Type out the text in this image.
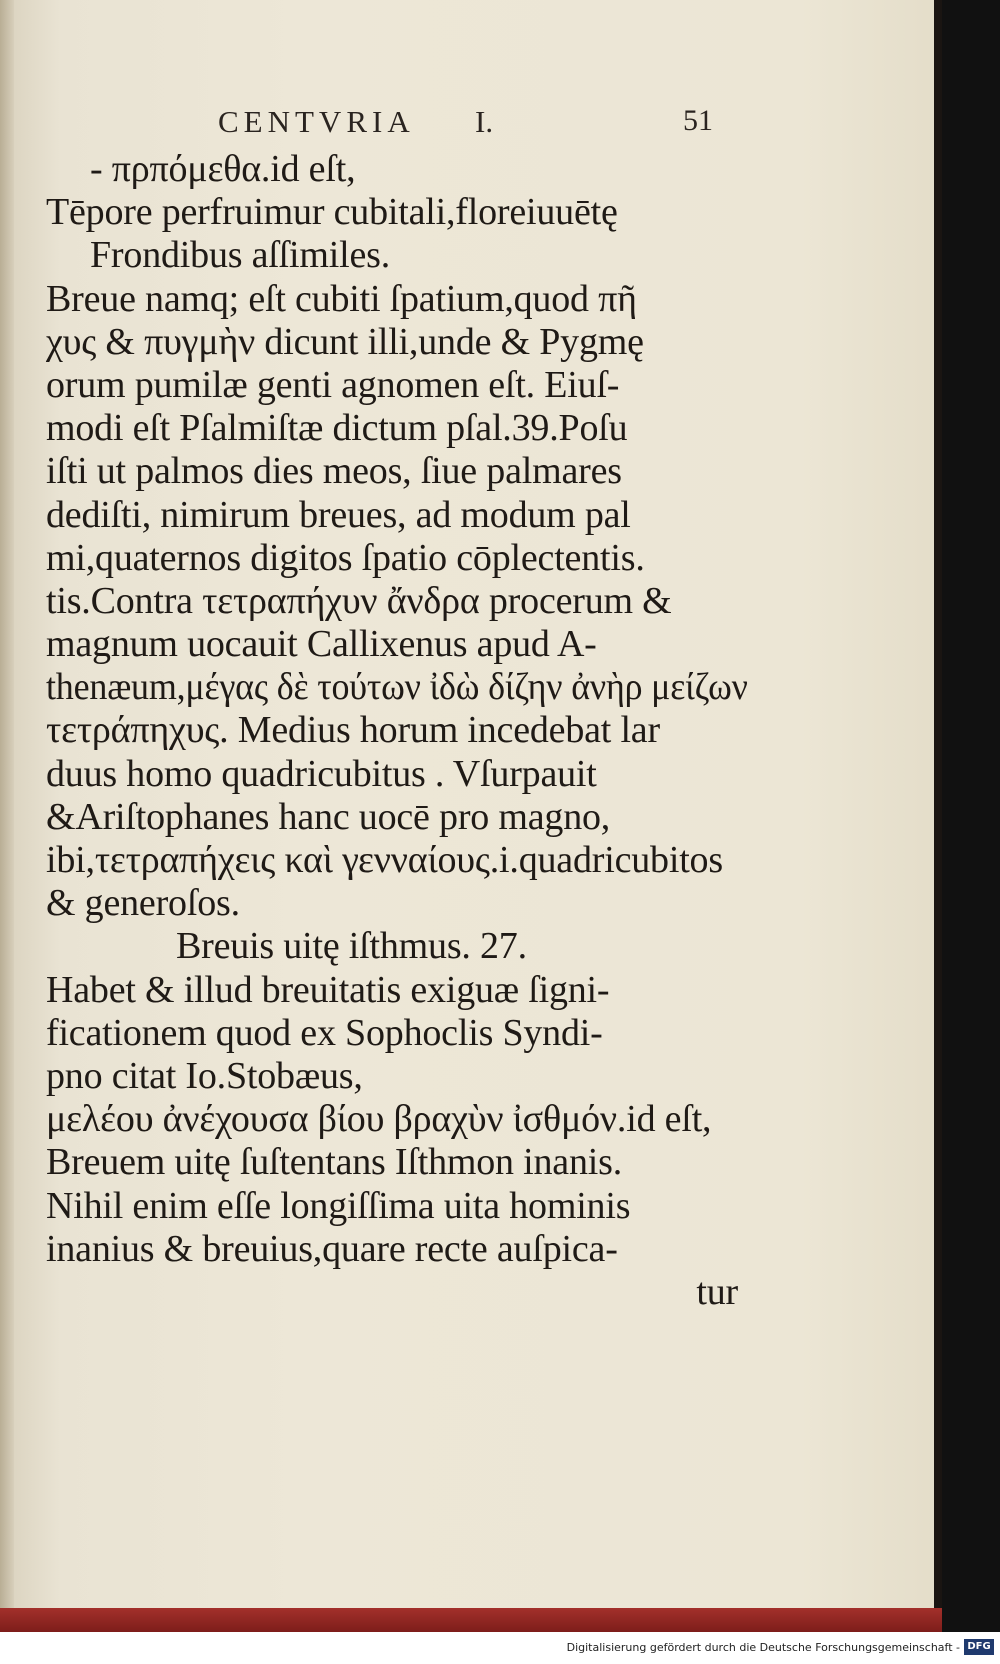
CENTVRIA I.	51
- πρπόμεθα.id eſt,
Tēpore perfruimur cubitali,floreiuuētę
Frondibus aſſimiles.
Breue namq; eſt cubiti ſpatium,quod πῆ
χυς & πυγμὴν dicunt illi,unde & Pygmę
orum pumilæ genti agnomen eſt. Eiuſ-
modi eſt Pſalmiſtæ dictum pſal.39.Poſu
iſti ut palmos dies meos, ſiue palmares
dediſti, nimirum breues, ad modum pal
mi,quaternos digitos ſpatio cōplectentis.
tis.Contra τετραπήχυν ἄνδρα procerum &
magnum uocauit Callixenus apud A-
thenæum,μέγας δὲ τούτων ἰδὼ δίζην ἀνὴρ μείζων
τετράπηχυς. Medius horum incedebat lar
duus homo quadricubitus . Vſurpauit
&Ariſtophanes hanc uocē pro magno,
ibi,τετραπήχεις καὶ γενναίους.i.quadricubitos
& generoſos.
Breuis uitę iſthmus. 27.
Habet & illud breuitatis exiguæ ſigni-
ficationem quod ex Sophoclis Syndi-
pno citat Io.Stobæus,
μελέου ἀνέχουσα βίου βραχὺν ἰσθμόν.id eſt,
Breuem uitę ſuſtentans Iſthmon inanis.
Nihil enim eſſe longiſſima uita hominis
inanius & breuius,quare recte auſpica-
tur
Digitalisierung gefördert durch die Deutsche Forschungsgemeinschaft - DFG
